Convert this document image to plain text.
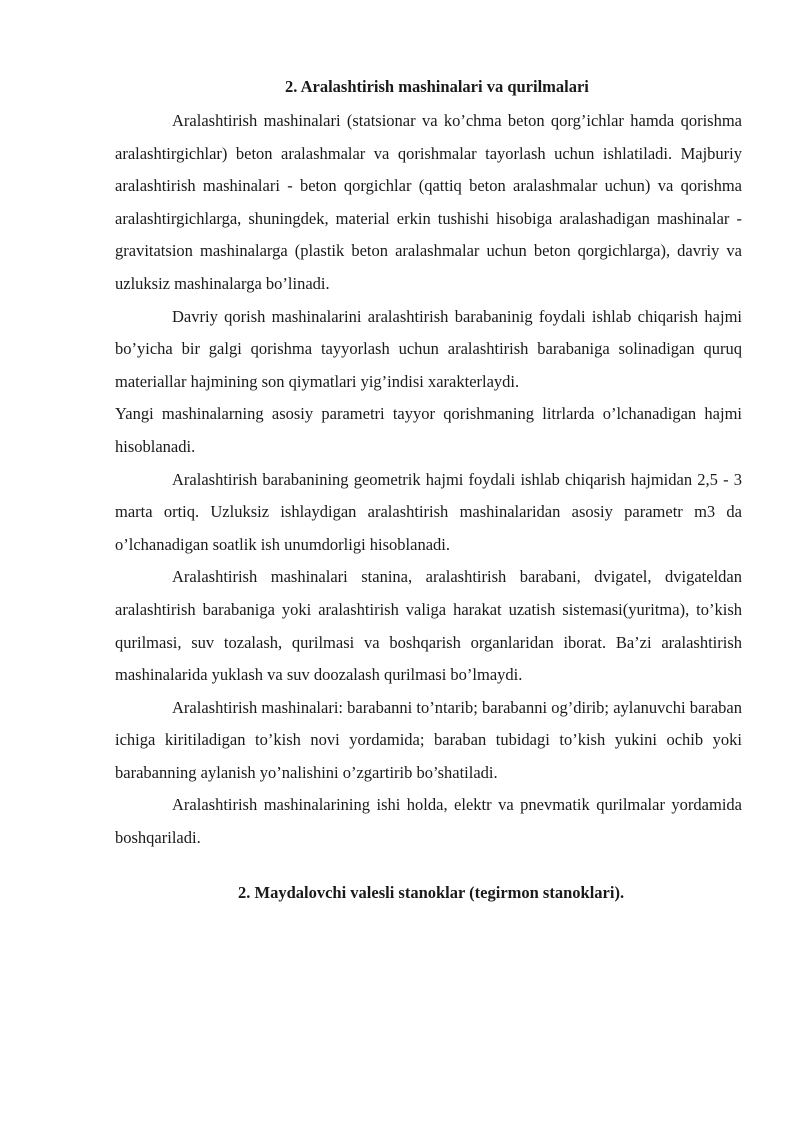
2. Aralashtirish mashinalari va qurilmalari

Aralashtirish mashinalari (statsionar va ko’chma beton qorg’ichlar hamda qorishma aralashtirgichlar) beton aralashmalar va qorishmalar tayorlash uchun ishlatiladi. Majburiy aralashtirish mashinalari - beton qorgichlar (qattiq beton aralashmalar uchun) va qorishma aralashtirgichlarga, shuningdek, material erkin tushishi hisobiga aralashadigan mashinalar - gravitatsion mashinalarga (plastik beton aralashmalar uchun beton qorgichlarga), davriy va uzluksiz mashinalarga bo’linadi.

Davriy qorish mashinalarini aralashtirish barabaninig foydali ishlab chiqarish hajmi bo’yicha bir galgi qorishma tayyorlash uchun aralashtirish barabaniga solinadigan quruq materiallar hajmining son qiymatlari yig’indisi xarakterlaydi.

Yangi mashinalarning asosiy parametri tayyor qorishmaning litrlarda o’lchanadigan hajmi hisoblanadi.

Aralashtirish barabanining geometrik hajmi foydali ishlab chiqarish hajmidan 2,5 - 3 marta ortiq. Uzluksiz ishlaydigan aralashtirish mashinalaridan asosiy parametr m3 da o’lchanadigan soatlik ish unumdorligi hisoblanadi.

Aralashtirish mashinalari stanina, aralashtirish barabani, dvigatel, dvigateldan aralashtirish barabaniga yoki aralashtirish valiga harakat uzatish sistemasi(yuritma), to’kish qurilmasi, suv tozalash, qurilmasi va boshqarish organlaridan iborat. Ba’zi aralashtirish mashinalarida yuklash va suv doozalash qurilmasi bo’lmaydi.

Aralashtirish mashinalari: barabanni to’ntarib; barabanni og’dirib; aylanuvchi baraban ichiga kiritiladigan to’kish novi yordamida; baraban tubidagi to’kish yukini ochib yoki barabanning aylanish yo’nalishini o’zgartirib bo’shatiladi.

Aralashtirish mashinalarining ishi holda, elektr va pnevmatik qurilmalar yordamida boshqariladi.

2. Maydalovchi valesli stanoklar (tegirmon stanoklari).
